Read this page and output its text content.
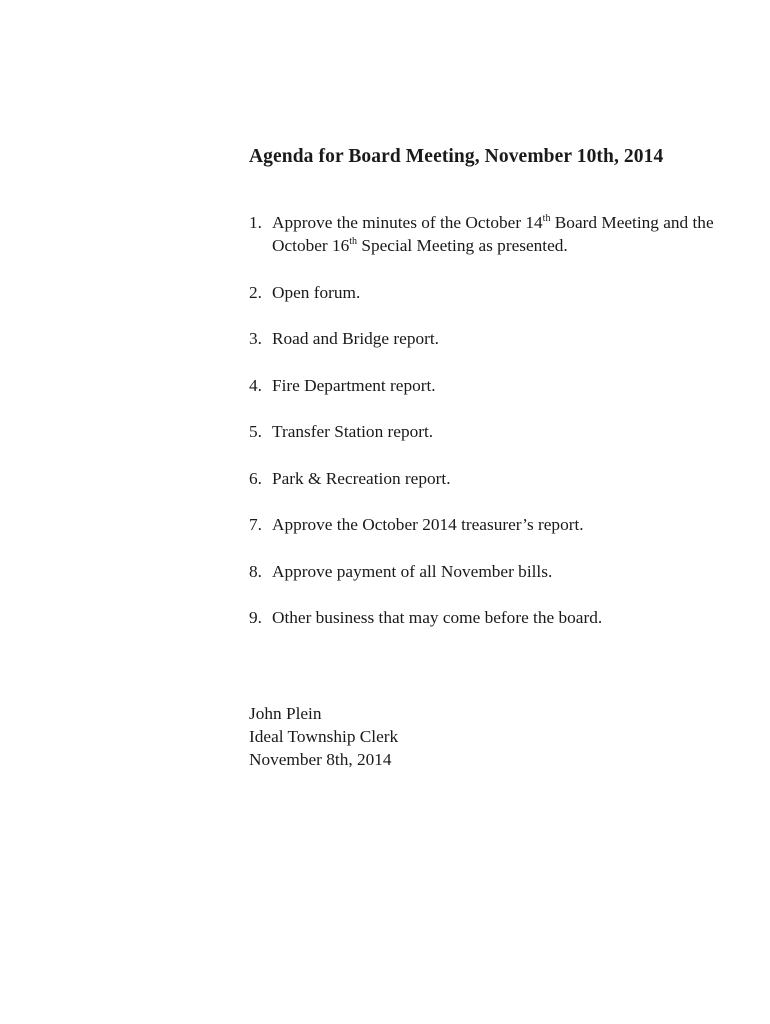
Agenda for Board Meeting, November 10th, 2014
1. Approve the minutes of the October 14th Board Meeting and the October 16th Special Meeting as presented.
2. Open forum.
3. Road and Bridge report.
4. Fire Department report.
5. Transfer Station report.
6. Park & Recreation report.
7. Approve the October 2014 treasurer’s report.
8. Approve payment of all November bills.
9. Other business that may come before the board.
John Plein
Ideal Township Clerk
November 8th, 2014
